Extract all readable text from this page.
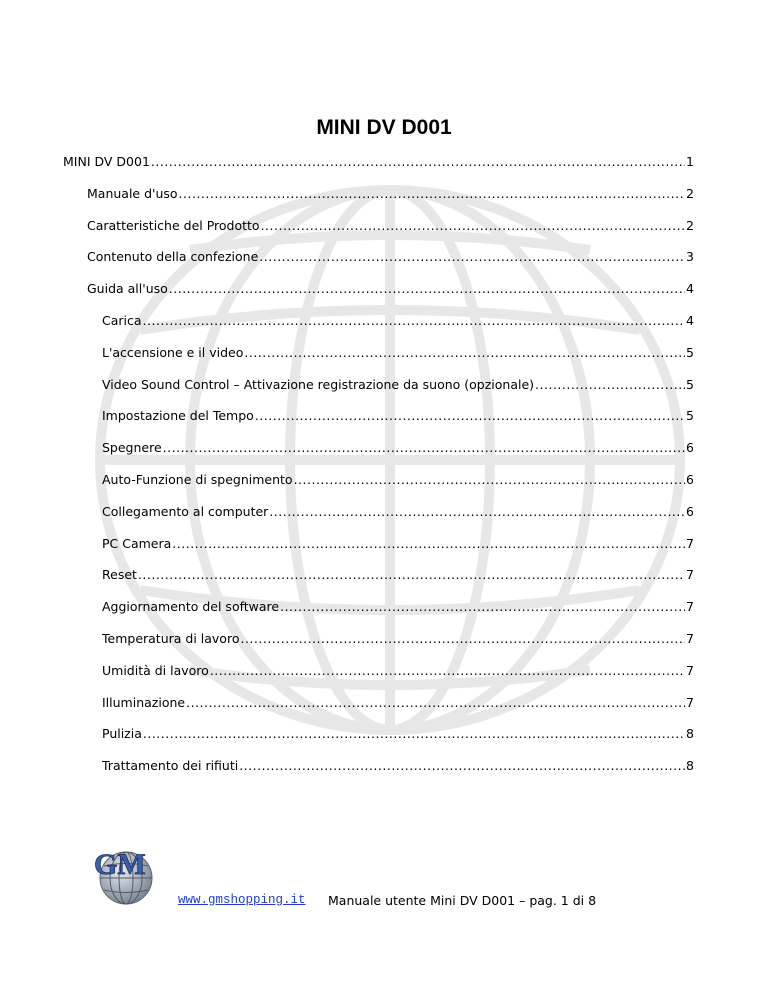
MINI DV D001
MINI DV D001 .....	1
Manuale d'uso .....	2
Caratteristiche del Prodotto .....	2
Contenuto della confezione .....	3
Guida all'uso .....	4
Carica .....	4
L'accensione e il video .....	5
Video Sound Control – Attivazione registrazione da suono (opzionale) .....	5
Impostazione del Tempo .....	5
Spegnere .....	6
Auto-Funzione di spegnimento .....	6
Collegamento al computer .....	6
PC Camera .....	7
Reset .....	7
Aggiornamento del software .....	7
Temperatura di lavoro .....	7
Umidità di lavoro .....	7
Illuminazione .....	7
Pulizia .....	8
Trattamento dei rifiuti .....	8
GM
www.gmshopping.it Manuale utente Mini DV D001 – pag. 1 di 8
